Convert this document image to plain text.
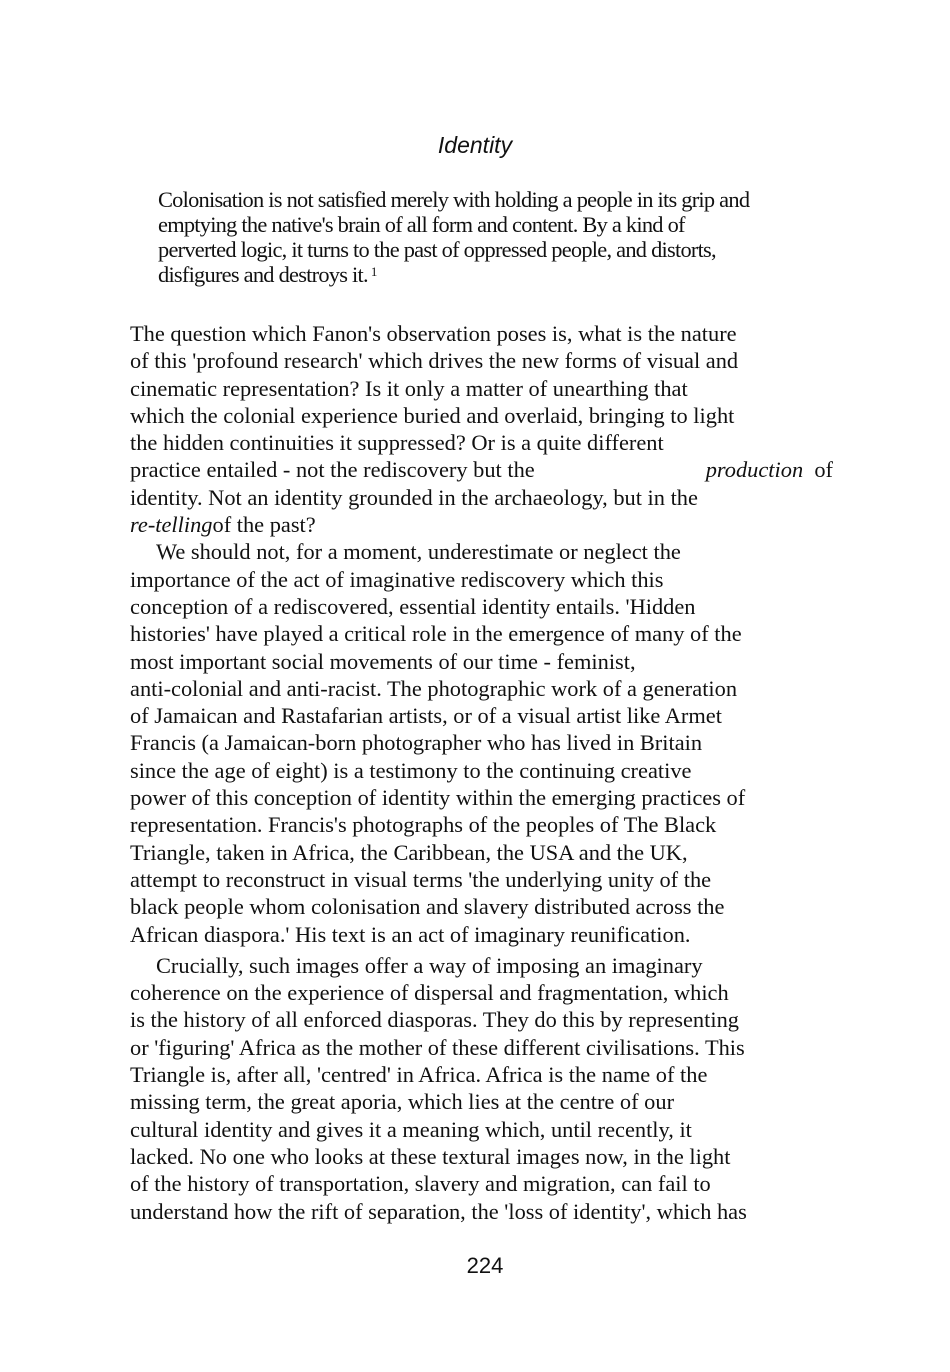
Identity
Colonisation is not satisfied merely with holding a people in its grip and
emptying the native's brain of all form and content. By a kind of
perverted logic, it turns to the past of oppressed people, and distorts,
disfigures and destroys it. $^1$

The question which Fanon's observation poses is, what is the nature
of this 'profound research' which drives the new forms of visual and
cinematic representation? Is it only a matter of unearthing that
which the colonial experience buried and overlaid, bringing to light
the hidden continuities it suppressed? Or is a quite different
practice entailed - not the rediscovery but the	production of
identity. Not an identity grounded in the archaeology, but in the
re-tellingof the past?

We should not, for a moment, underestimate or neglect the
importance of the act of imaginative rediscovery which this
conception of a rediscovered, essential identity entails. 'Hidden
histories' have played a critical role in the emergence of many of the
most important social movements of our time - feminist,
anti-colonial and anti-racist. The photographic work of a generation
of Jamaican and Rastafarian artists, or of a visual artist like Armet
Francis (a Jamaican-born photographer who has lived in Britain
since the age of eight) is a testimony to the continuing creative
power of this conception of identity within the emerging practices of
representation. Francis's photographs of the peoples of The Black
Triangle, taken in Africa, the Caribbean, the USA and the UK,
attempt to reconstruct in visual terms 'the underlying unity of the
black people whom colonisation and slavery distributed across the
African diaspora.' His text is an act of imaginary reunification.

Crucially, such images offer a way of imposing an imaginary
coherence on the experience of dispersal and fragmentation, which
is the history of all enforced diasporas. They do this by representing
or 'figuring' Africa as the mother of these different civilisations. This
Triangle is, after all, 'centred' in Africa. Africa is the name of the
missing term, the great aporia, which lies at the centre of our
cultural identity and gives it a meaning which, until recently, it
lacked. No one who looks at these textural images now, in the light
of the history of transportation, slavery and migration, can fail to
understand how the rift of separation, the 'loss of identity', which has

224
